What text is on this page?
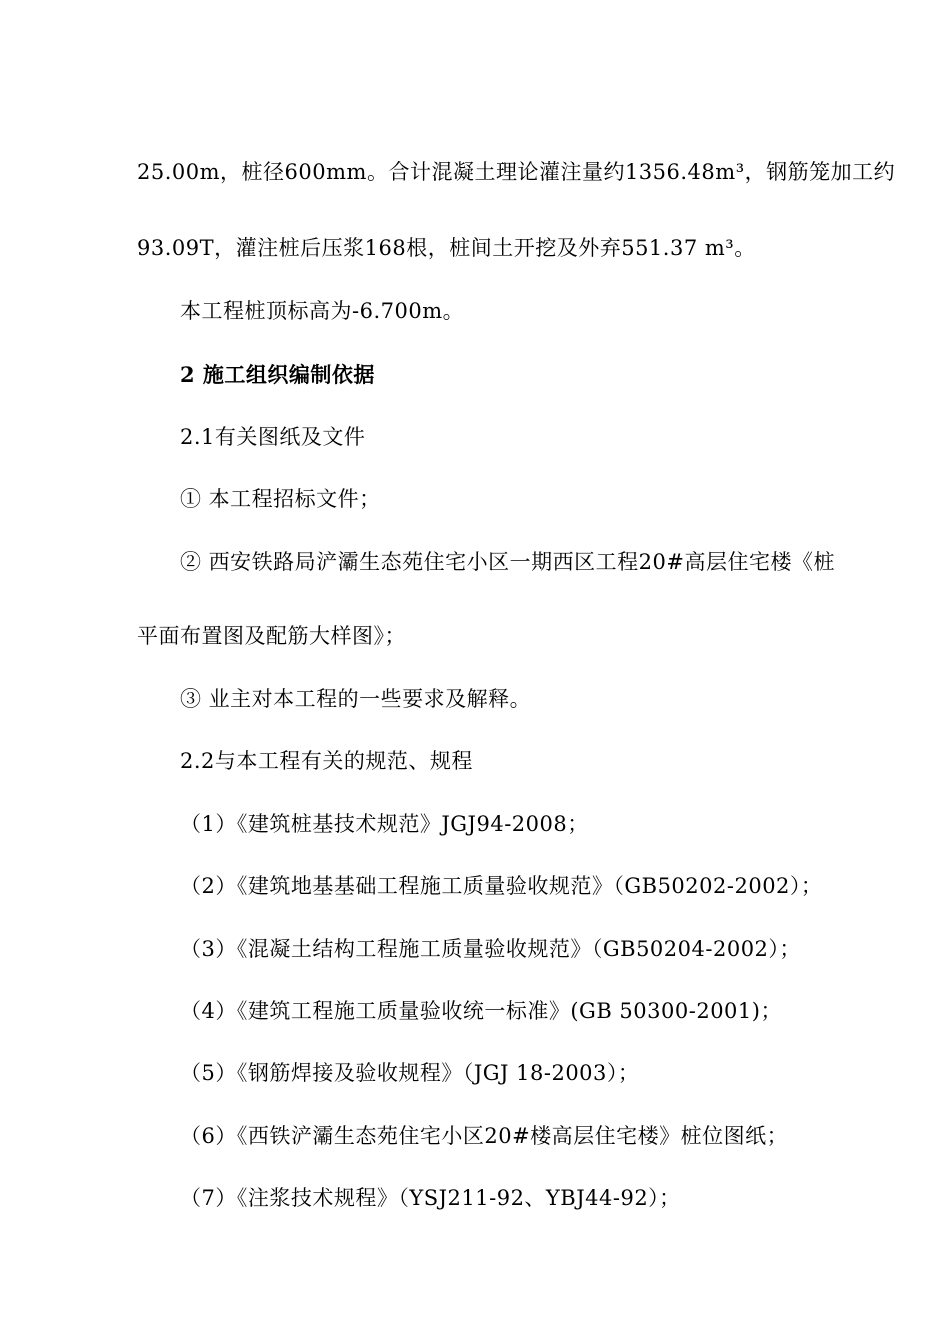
25.00m，桩径600mm。合计混凝土理论灌注量约1356.48m³，钢筋笼加工约
93.09T，灌注桩后压浆168根，桩间土开挖及外弃551.37 m³。
本工程桩顶标高为-6.700m。
2 施工组织编制依据
2.1有关图纸及文件
① 本工程招标文件；
② 西安铁路局浐灞生态苑住宅小区一期西区工程20#高层住宅楼《桩
平面布置图及配筋大样图》；
③ 业主对本工程的一些要求及解释。
2.2与本工程有关的规范、规程
（1）《建筑桩基技术规范》JGJ94-2008；
（2）《建筑地基基础工程施工质量验收规范》（GB50202-2002）；
（3）《混凝土结构工程施工质量验收规范》（GB50204-2002）；
（4）《建筑工程施工质量验收统一标准》(GB 50300-2001)；
（5）《钢筋焊接及验收规程》（JGJ 18-2003）；
（6）《西铁浐灞生态苑住宅小区20#楼高层住宅楼》桩位图纸；
（7）《注浆技术规程》（YSJ211-92、YBJ44-92）；
